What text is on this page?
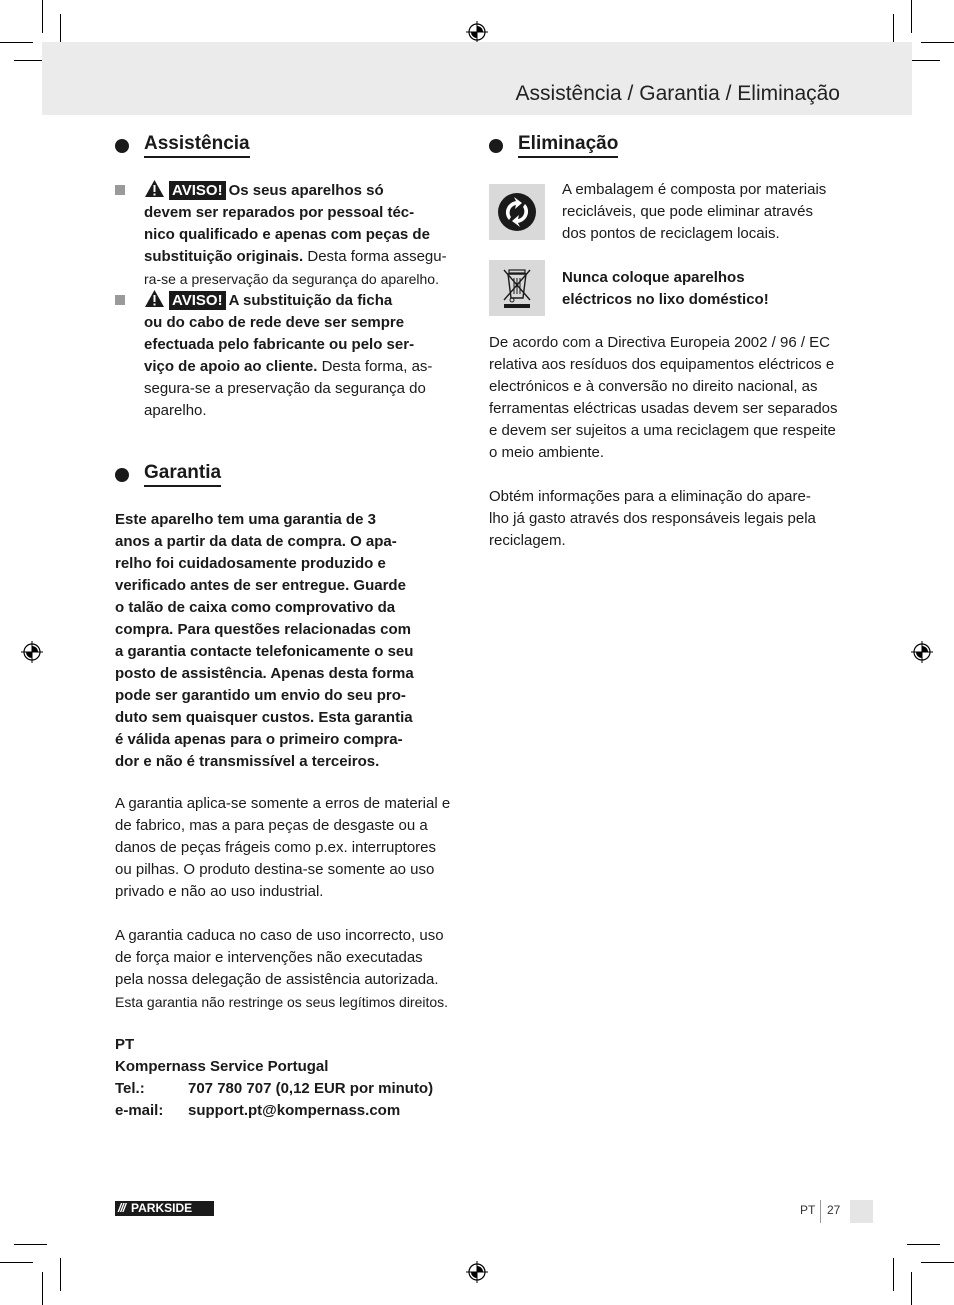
Assistência / Garantia / Eliminação
Assistência
AVISO! Os seus aparelhos só
devem ser reparados por pessoal téc-
nico qualificado e apenas com peças de
substituição originais. Desta forma assegu-
ra-se a preservação da segurança do aparelho.
AVISO! A substituição da ficha
ou do cabo de rede deve ser sempre
efectuada pelo fabricante ou pelo ser-
viço de apoio ao cliente. Desta forma, as-
segura-se a preservação da segurança do
aparelho.
Garantia
Este aparelho tem uma garantia de 3
anos a partir da data de compra. O apa-
relho foi cuidadosamente produzido e
verificado antes de ser entregue. Guarde
o talão de caixa como comprovativo da
compra. Para questões relacionadas com
a garantia contacte telefonicamente o seu
posto de assistência. Apenas desta forma
pode ser garantido um envio do seu pro-
duto sem quaisquer custos. Esta garantia
é válida apenas para o primeiro compra-
dor e não é transmissível a terceiros.
A garantia aplica-se somente a erros de material e
de fabrico, mas a para peças de desgaste ou a
danos de peças frágeis como p.ex. interruptores
ou pilhas. O produto destina-se somente ao uso
privado e não ao uso industrial.
A garantia caduca no caso de uso incorrecto, uso
de força maior e intervenções não executadas
pela nossa delegação de assistência autorizada.
Esta garantia não restringe os seus legítimos direitos.
PT
Kompernass Service Portugal
Tel.:	707 780 707 (0,12 EUR por minuto)
e-mail:	support.pt@kompernass.com
Eliminação
A embalagem é composta por materiais
recicláveis, que pode eliminar através
dos pontos de reciclagem locais.
Nunca coloque aparelhos
eléctricos no lixo doméstico!
De acordo com a Directiva Europeia 2002 / 96 / EC
relativa aos resíduos dos equipamentos eléctricos e
electrónicos e à conversão no direito nacional, as
ferramentas eléctricas usadas devem ser separados
e devem ser sujeitos a uma reciclagem que respeite
o meio ambiente.
Obtém informações para a eliminação do apare-
lho já gasto através dos responsáveis legais pela
reciclagem.
/// PARKSIDE	PT 27
